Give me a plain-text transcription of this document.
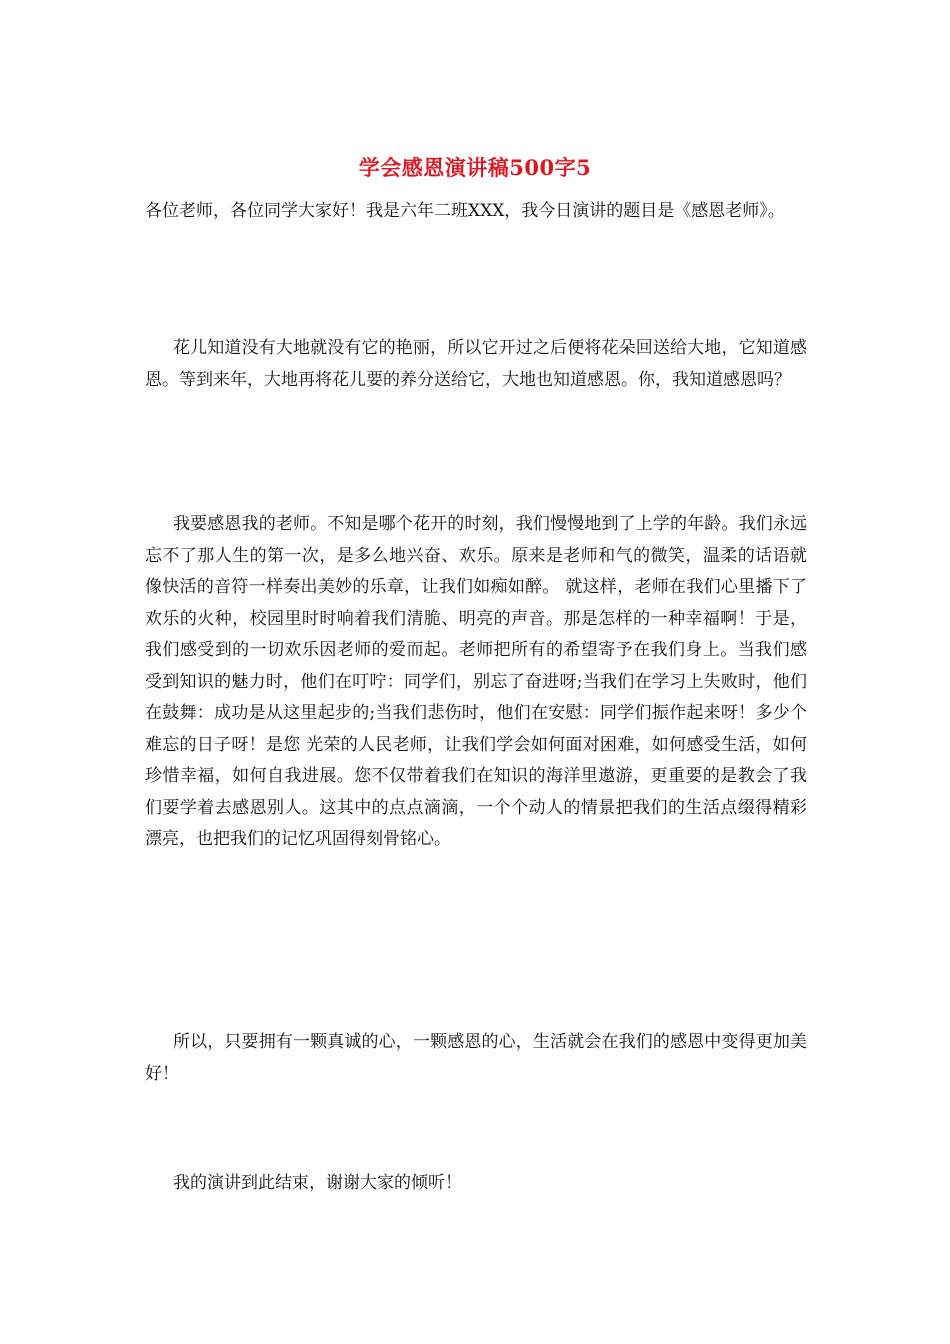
学会感恩演讲稿500字5
各位老师，各位同学大家好！我是六年二班XXX，我今日演讲的题目是《感恩老师》。
花儿知道没有大地就没有它的艳丽，所以它开过之后便将花朵回送给大地，它知道感恩。等到来年，大地再将花儿要的养分送给它，大地也知道感恩。你，我知道感恩吗？
我要感恩我的老师。不知是哪个花开的时刻，我们慢慢地到了上学的年龄。我们永远忘不了那人生的第一次，是多么地兴奋、欢乐。原来是老师和气的微笑，温柔的话语就像快活的音符一样奏出美妙的乐章，让我们如痴如醉。 就这样，老师在我们心里播下了欢乐的火种，校园里时时响着我们清脆、明亮的声音。那是怎样的一种幸福啊！于是，我们感受到的一切欢乐因老师的爱而起。老师把所有的希望寄予在我们身上。当我们感受到知识的魅力时，他们在叮咛：同学们，别忘了奋进呀;当我们在学习上失败时，他们在鼓舞：成功是从这里起步的;当我们悲伤时，他们在安慰：同学们振作起来呀！多少个难忘的日子呀！是您 光荣的人民老师，让我们学会如何面对困难，如何感受生活，如何珍惜幸福，如何自我进展。您不仅带着我们在知识的海洋里遨游，更重要的是教会了我们要学着去感恩别人。这其中的点点滴滴，一个个动人的情景把我们的生活点缀得精彩漂亮，也把我们的记忆巩固得刻骨铭心。
所以，只要拥有一颗真诚的心，一颗感恩的心，生活就会在我们的感恩中变得更加美好！
我的演讲到此结束，谢谢大家的倾听！
